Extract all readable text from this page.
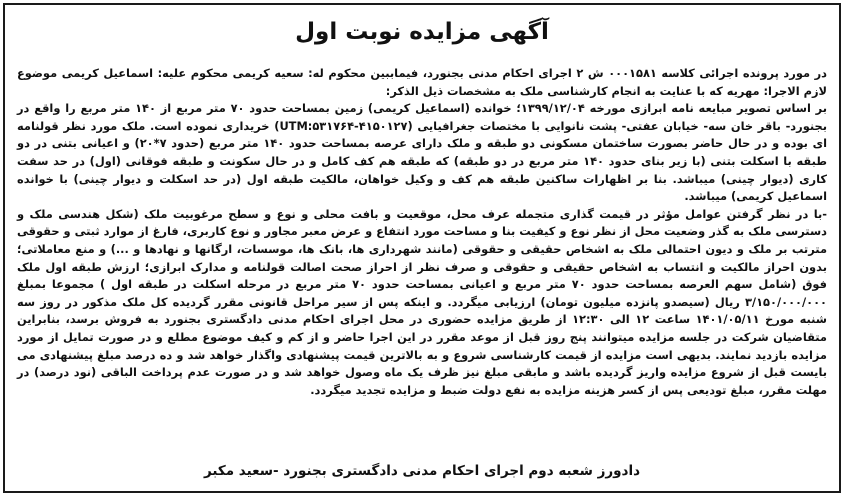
آگهی مزایده نوبت اول

در مورد پرونده اجرائی کلاسه ۰۰۰۱۵۸۱ ش ۲ اجرای احکام مدنی بجنورد، فیماببین محکوم له: سعیه کریمی محکوم علیه: اسماعیل کریمی موضوع لازم الاجرا: مهریه که با عنایت به انجام کارشناسی ملک به مشخصات ذیل الذکر:

بر اساس تصویر مبایعه نامه ابرازی مورخه ۱۳۹۹/۱۲/۰۴؛ خوانده (اسماعیل کریمی) زمین بمساحت حدود ۷۰ متر مربع از ۱۴۰ متر مربع را واقع در بجنورد- باقر خان سه- خیابان عفتی- پشت نانوایی با مختصات جغرافیایی (UTM:۵۳۱۷۶۴-۴۱۵۰۱۲۷) خریداری نموده است. ملک مورد نظر قولنامه ای بوده و در حال حاضر بصورت ساختمان مسکونی دو طبقه و ملک دارای عرصه بمساحت حدود ۱۴۰ متر مربع (حدود ۷*۲۰) و اعیانی بتنی در دو طبقه با اسکلت بتنی (با زیر بنای حدود ۱۴۰ متر مربع در دو طبقه) که طبقه هم کف کامل و در حال سکونت و طبقه فوقانی (اول) در حد سفت کاری (دیوار چینی) میباشد. بنا بر اظهارات ساکنین طبقه هم کف و وکیل خواهان، مالکیت طبقه اول (در حد اسکلت و دیوار چینی) با خوانده اسماعیل کریمی) میباشد.

-با در نظر گرفتن عوامل مؤثر در قیمت گذاری متجمله عرف محل، موقعیت و بافت محلی و نوع و سطح مرغوبیت ملک (شکل هندسی ملک و دسترسی ملک به گذر وضعیت محل از نظر نوع و کیفیت بنا و مساحت مورد انتفاع و عرض معبر مجاور و نوع کاربری، فارغ از موارد ثبتی و حقوقی مترتب بر ملک و دیون احتمالی ملک به اشخاص حقیقی و حقوقی (مانند شهرداری ها، بانک ها، موسسات، ارگانها و نهادها و ...) و منع معاملاتی؛ بدون احراز مالکیت و انتساب به اشخاص حقیقی و حقوقی و صرف نظر از احراز صحت اصالت قولنامه و مدارک ابرازی؛ ارزش طبقه اول ملک فوق (شامل سهم العرصه بمساحت حدود ۷۰ متر مربع و اعیانی بمساحت حدود ۷۰ متر مربع در مرحله اسکلت در طبقه اول ) مجموعا بمبلغ ۳/۱۵۰/۰۰۰/۰۰۰ ریال (سیصدو پانزده میلیون تومان) ارزیابی میگردد. و اینکه پس از سیر مراحل قانونی مقرر گردیده کل ملک مذکور در روز سه شنبه مورخ ۱۴۰۱/۰۵/۱۱ ساعت ۱۲ الی ۱۲:۳۰ از طریق مزایده حضوری در محل اجرای احکام مدنی دادگستری بجنورد به فروش برسد، بنابراین متقاضیان شرکت در جلسه مزایده میتوانند پنج روز قبل از موعد مقرر در این اجرا حاضر و از کم و کیف موضوع مطلع و در صورت تمایل از مورد مزایده بازدید نمایند. بدیهی است مزایده از قیمت کارشناسی شروع و به بالاترین قیمت پیشنهادی واگذار خواهد شد و ده درصد مبلغ پیشنهادی می بایست قبل از شروع مزایده واریز گردیده باشد و مابقی مبلغ نیز ظرف یک ماه وصول خواهد شد و در صورت عدم پرداخت الباقی (نود درصد) در مهلت مقرر، مبلغ تودیعی پس از کسر هزینه مزایده به نفع دولت ضبط و مزایده تجدید میگردد.

دادورز شعبه دوم اجرای احکام مدنی دادگستری بجنورد -سعید مکبر
